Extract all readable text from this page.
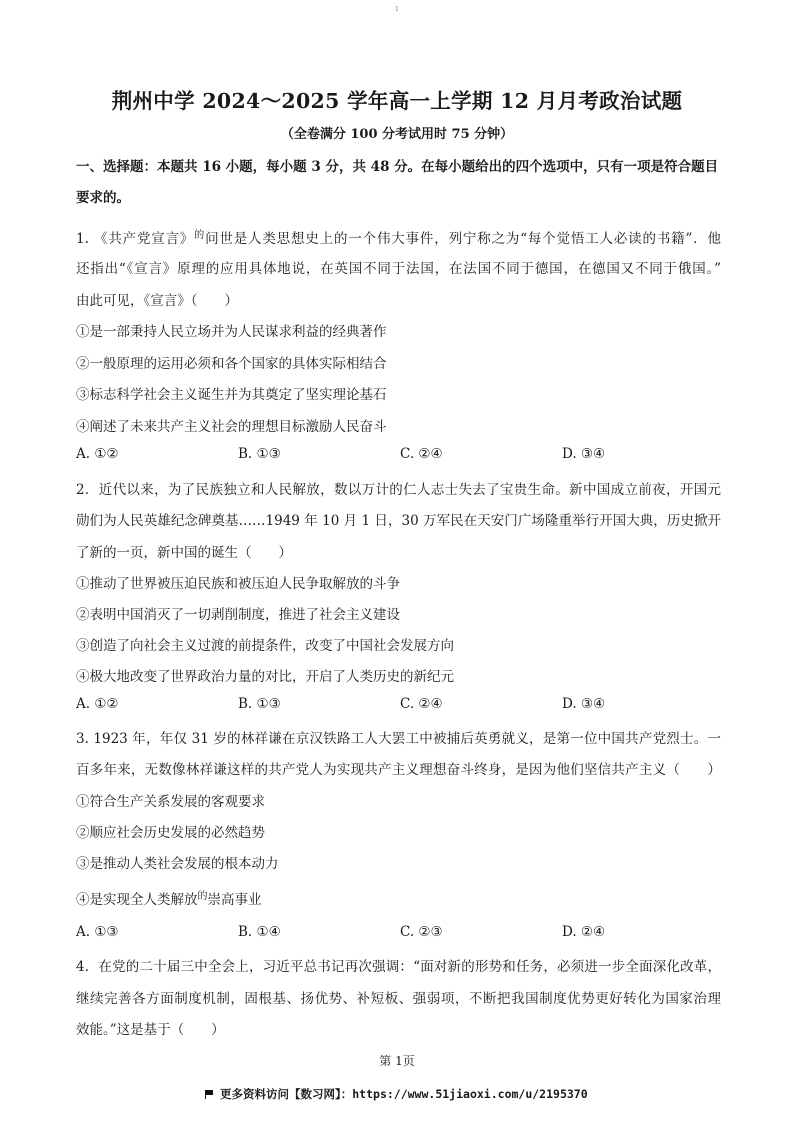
1
荆州中学 2024～2025 学年高一上学期 12 月月考政治试题
（全卷满分 100 分考试用时 75 分钟）
一、选择题：本题共 16 小题，每小题 3 分，共 48 分。在每小题给出的四个选项中，只有一项是符合题目要求的。
1. 《共产党宣言》$^的$问世是人类思想史上的一个伟大事件，列宁称之为“每个觉悟工人必读的书籍”．他
还指出“《宣言》原理的应用具体地说，在英国不同于法国，在法国不同于德国，在德国又不同于俄国。”
由此可见，《宣言》（　　）
①是一部秉持人民立场并为人民谋求利益的经典著作
②一般原理的运用必须和各个国家的具体实际相结合
③标志科学社会主义诞生并为其奠定了坚实理论基石
④阐述了未来共产主义社会的理想目标激励人民奋斗
A. ①②	B. ①③	C. ②④	D. ③④
2．近代以来，为了民族独立和人民解放，数以万计的仁人志士失去了宝贵生命。新中国成立前夜，开国元
勋们为人民英雄纪念碑奠基……1949 年 10 月 1 日，30 万军民在天安门广场隆重举行开国大典，历史掀开
了新的一页，新中国的诞生（　　）
①推动了世界被压迫民族和被压迫人民争取解放的斗争
②表明中国消灭了一切剥削制度，推进了社会主义建设
③创造了向社会主义过渡的前提条件，改变了中国社会发展方向
④极大地改变了世界政治力量的对比，开启了人类历史的新纪元
A. ①②	B. ①③	C. ②④	D. ③④
3. 1923 年，年仅 31 岁的林祥谦在京汉铁路工人大罢工中被捕后英勇就义，是第一位中国共产党烈士。一
百多年来，无数像林祥谦这样的共产党人为实现共产主义理想奋斗终身，是因为他们坚信共产主义（　　）
①符合生产关系发展的客观要求
②顺应社会历史发展的必然趋势
③是推动人类社会发展的根本动力
④是实现全人类解放$^的$崇高事业
A. ①③	B. ①④	C. ②③	D. ②④
4．在党的二十届三中全会上，习近平总书记再次强调：“面对新的形势和任务，必须进一步全面深化改革，
继续完善各方面制度机制，固根基、扬优势、补短板、强弱项，不断把我国制度优势更好转化为国家治理
效能。”这是基于（　　）
第 1页
更多资料访问【数习网】：https://www.51jiaoxi.com/u/2195370
